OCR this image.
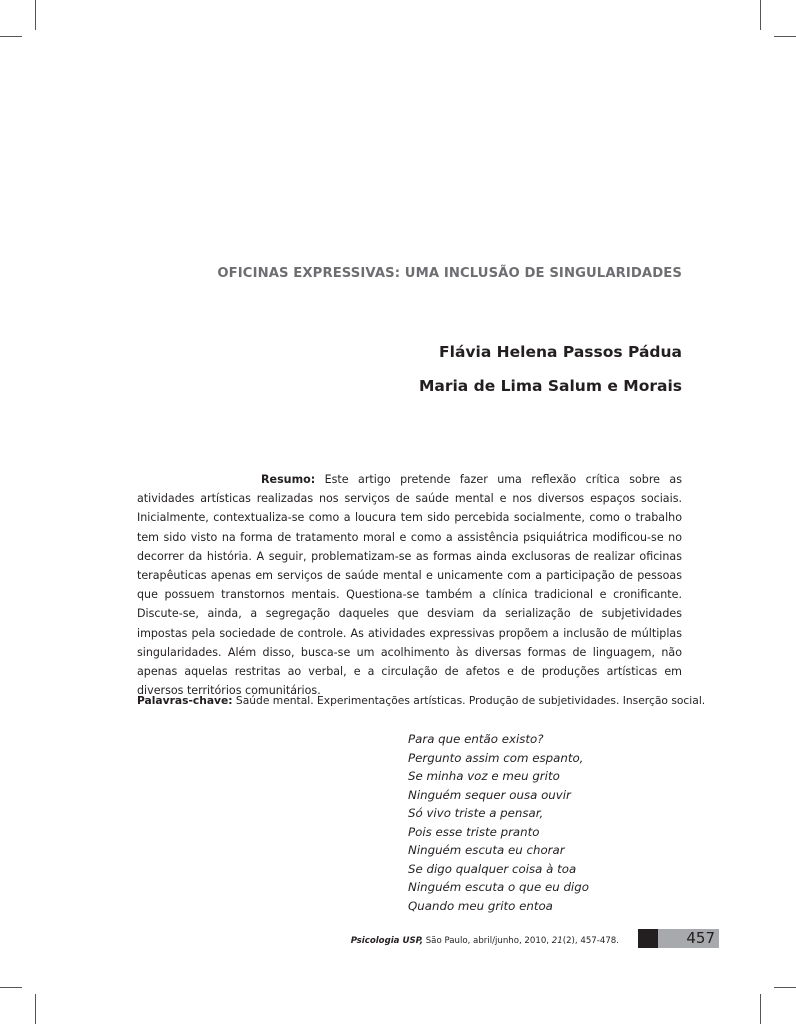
OFICINAS EXPRESSIVAS: UMA INCLUSÃO DE SINGULARIDADES
Flávia Helena Passos Pádua
Maria de Lima Salum e Morais

Resumo: Este artigo pretende fazer uma reflexão crítica sobre as atividades artísticas realizadas nos serviços de saúde mental e nos diversos espaços sociais. Inicialmente, contextualiza-se como a loucura tem sido percebida socialmente, como o trabalho tem sido visto na forma de tratamento moral e como a assistência psiquiátrica modificou-se no decorrer da história. A seguir, problematizam-se as formas ainda exclusoras de realizar oficinas terapêuticas apenas em serviços de saúde mental e unicamente com a participação de pessoas que possuem transtornos mentais. Questiona-se também a clínica tradicional e cronificante. Discute-se, ainda, a segregação daqueles que desviam da serialização de subjetividades impostas pela sociedade de controle. As atividades expressivas propõem a inclusão de múltiplas singularidades. Além disso, busca-se um acolhimento às diversas formas de linguagem, não apenas aquelas restritas ao verbal, e a circulação de afetos e de produções artísticas em diversos territórios comunitários.

Palavras-chave: Saúde mental. Experimentações artísticas. Produção de subjetividades. Inserção social.
Para que então existo?
Pergunto assim com espanto,
Se minha voz e meu grito
Ninguém sequer ousa ouvir
Só vivo triste a pensar,
Pois esse triste pranto
Ninguém escuta eu chorar
Se digo qualquer coisa à toa
Ninguém escuta o que eu digo
Quando meu grito entoa
Psicologia USP, São Paulo, abril/junho, 2010, 21(2), 457-478.	457
